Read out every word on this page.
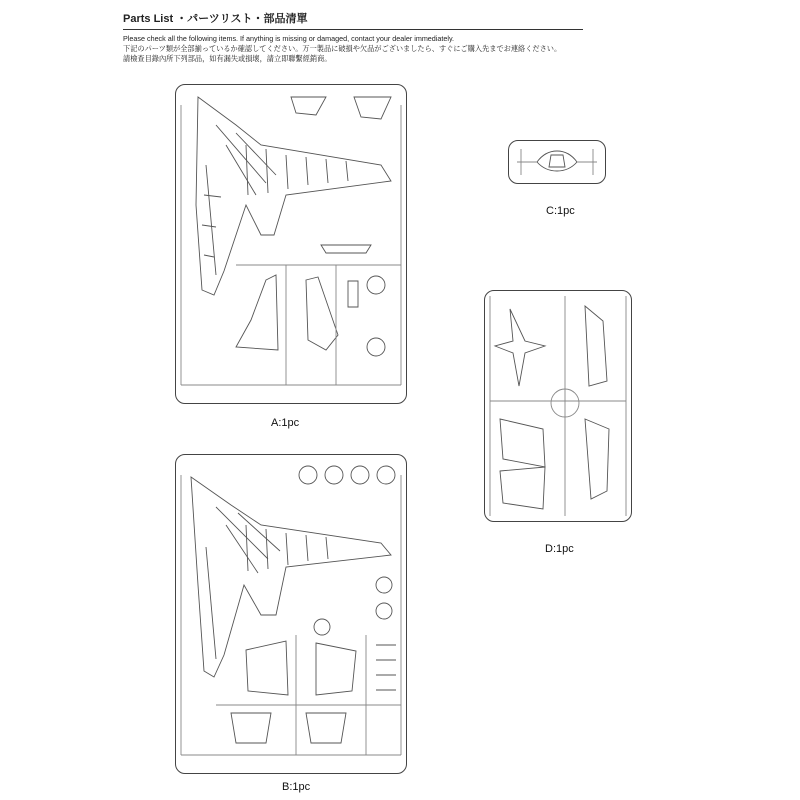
Parts List ・パーツリスト・部品清單

Please check all the following items. If anything is missing or damaged, contact your dealer immediately.

下記のパーツ類が全部揃っているか確認してください。万一製品に破損や欠品がございましたら、すぐにご購入先までお連絡ください。

請檢查目錄內所下列部品，如有漏失或損壞，請立即聯繫經銷商。

A:1pc
B:1pc
C:1pc
D:1pc
